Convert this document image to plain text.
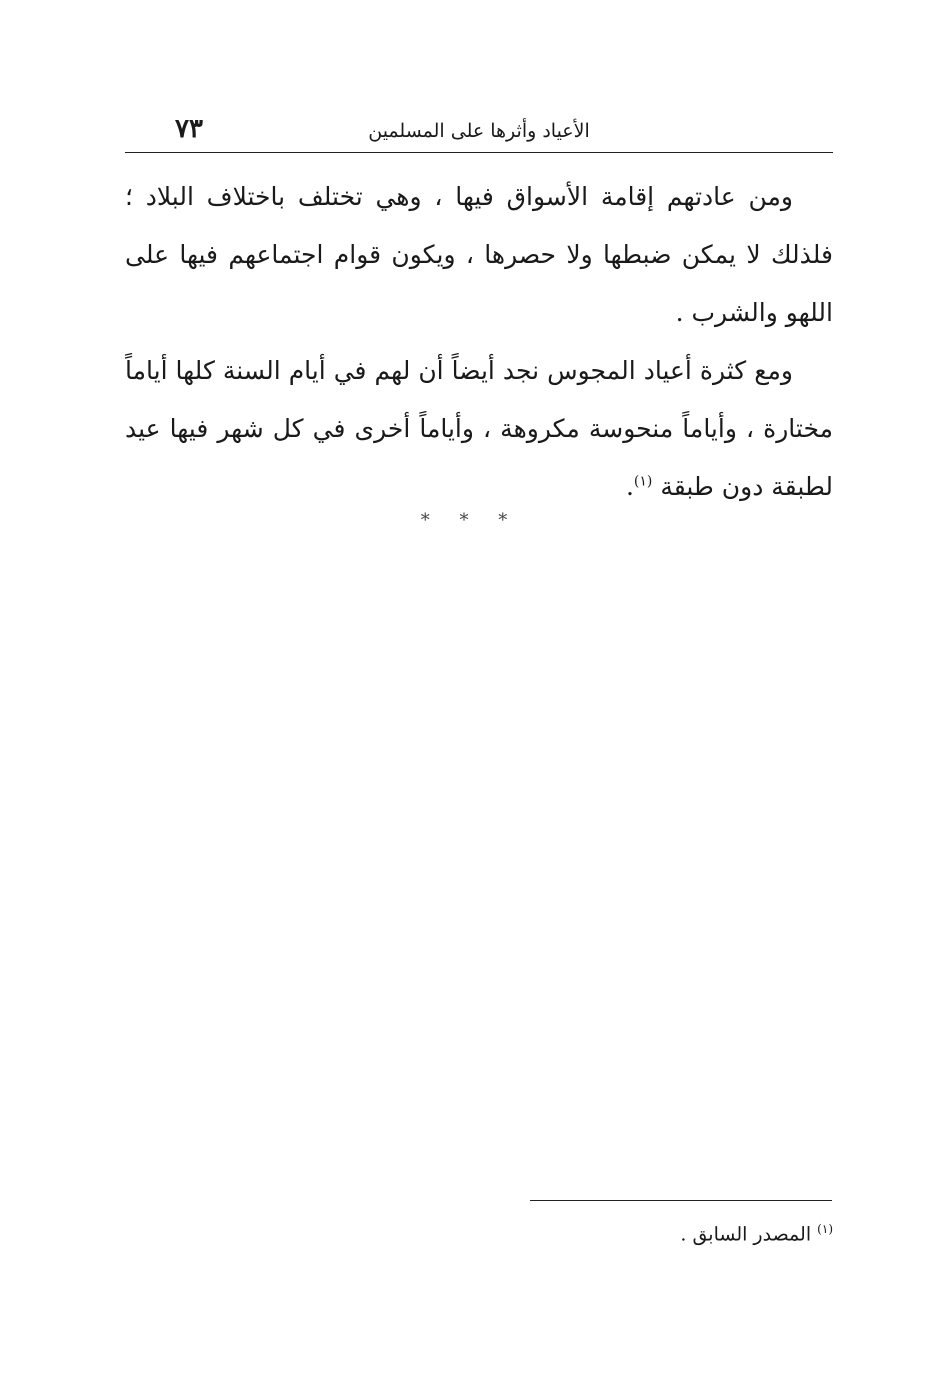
الأعياد وأثرها على المسلمين
٧٣

ومن عادتهم إقامة الأسواق فيها ، وهي تختلف باختلاف البلاد ؛ فلذلك لا يمكن ضبطها ولا حصرها ، ويكون قوام اجتماعهم فيها على اللهو والشرب .

ومع كثرة أعياد المجوس نجد أيضاً أن لهم في أيام السنة كلها أياماً مختارة ، وأياماً منحوسة مكروهة ، وأياماً أخرى في كل شهر فيها عيد لطبقة دون طبقة $^{(١)}$.

* * *
$^{(١)}$ المصدر السابق .
